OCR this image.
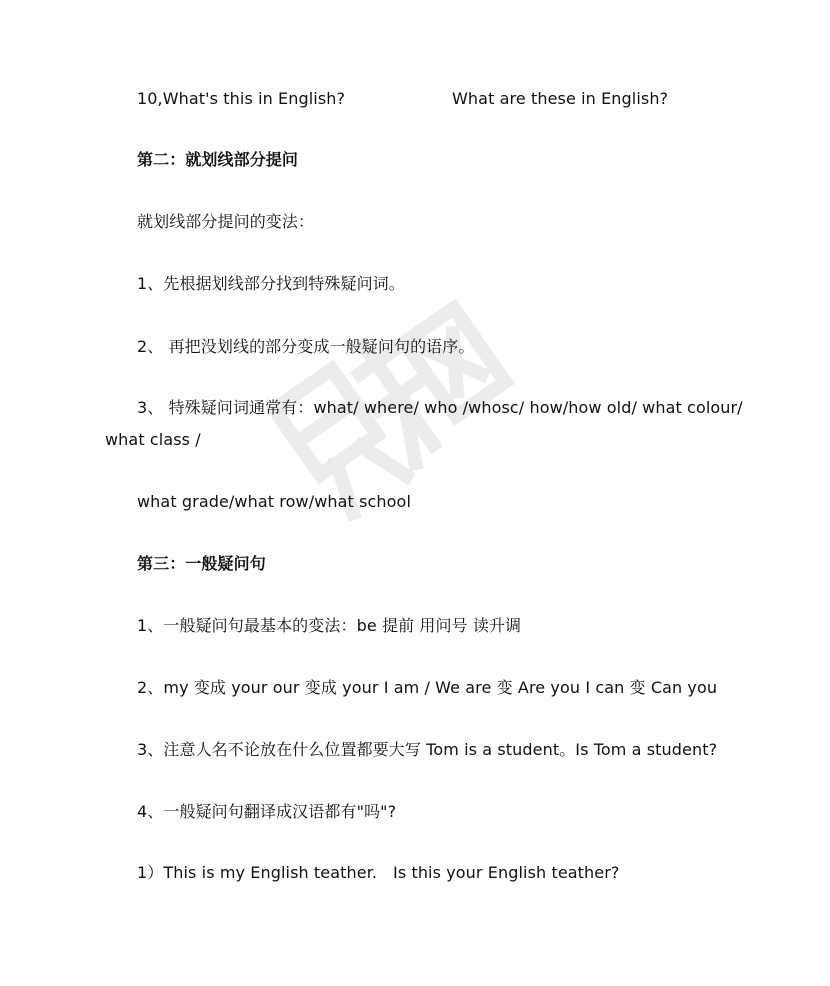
10,What's this in English?	What are these in English?
第二：就划线部分提问
就划线部分提问的变法：
1、先根据划线部分找到特殊疑问词。
2、 再把没划线的部分变成一般疑问句的语序。
3、 特殊疑问词通常有：what/ where/ who /whosc/ how/how old/ what colour/
what class /
what grade/what row/what school
第三：一般疑问句
1、一般疑问句最基本的变法：be 提前 用问号 读升调
2、my 变成 your our 变成 your I am / We are 变 Are you I can 变 Can you
3、注意人名不论放在什么位置都要大写 Tom is a student。Is Tom a student?
4、一般疑问句翻译成汉语都有"吗"?
1）This is my English teather. Is this your English teather?
